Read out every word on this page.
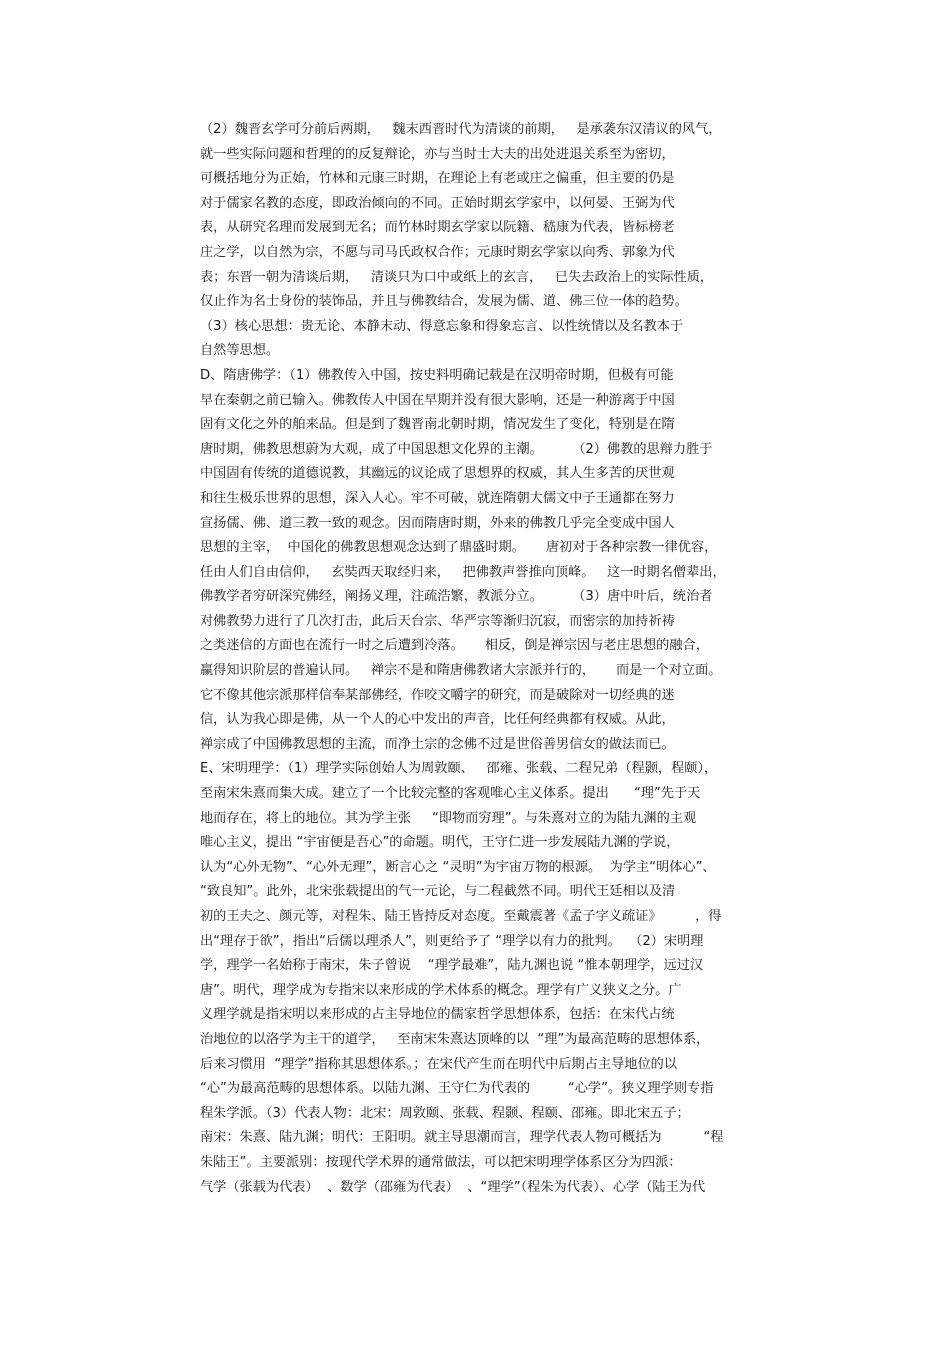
（2）魏晋玄学可分前后两期，   魏末西晋时代为清谈的前期，   是承袭东汉清议的风气，
就一些实际问题和哲理的的反复辩论，亦与当时士大夫的出处进退关系至为密切，
可概括地分为正始，竹林和元康三时期，在理论上有老或庄之偏重，但主要的仍是
对于儒家名教的态度，即政治倾向的不同。正始时期玄学家中，以何晏、王弼为代
表，从研究名理而发展到无名；而竹林时期玄学家以阮籍、嵇康为代表，皆标榜老
庄之学，以自然为宗，不愿与司马氏政权合作；元康时期玄学家以向秀、郭象为代
表；东晋一朝为清谈后期，   清谈只为口中或纸上的玄言，   已失去政治上的实际性质，
仅止作为名士身份的装饰品，并且与佛教结合，发展为儒、道、佛三位一体的趋势。
（3）核心思想：贵无论、本静末动、得意忘象和得象忘言、以性统情以及名教本于
自然等思想。
D、隋唐佛学：（1）佛教传入中国，按史料明确记载是在汉明帝时期，但极有可能
早在秦朝之前已输入。佛教传人中国在早期并没有很大影响，还是一种游离于中国
固有文化之外的舶来品。但是到了魏晋南北朝时期，情况发生了变化，特别是在隋
唐时期，佛教思想蔚为大观，成了中国思想文化界的主潮。       （2）佛教的思辩力胜于
中国固有传统的道德说教，其幽远的议论成了思想界的权威，其人生多苦的厌世观
和往生极乐世界的思想，深入人心。牢不可破，就连隋朝大儒文中子王通都在努力
宣扬儒、佛、道三教一致的观念。因而隋唐时期，外来的佛教几乎完全变成中国人
思想的主宰，  中国化的佛教思想观念达到了鼎盛时期。     唐初对于各种宗教一律优容，
任由人们自由信仰，   玄奘西天取经归来，   把佛教声誉推向顶峰。   这一时期名僧辈出，
佛教学者穷研深究佛经，阐扬义理，注疏浩繁，教派分立。       （3）唐中叶后，统治者
对佛教势力进行了几次打击，此后天台宗、华严宗等渐归沉寂，而密宗的加持祈祷
之类迷信的方面也在流行一时之后遭到冷落。     相反，倒是禅宗因与老庄思想的融合，
赢得知识阶层的普遍认同。   禅宗不是和隋唐佛教诸大宗派并行的，     而是一个对立面。
它不像其他宗派那样信奉某部佛经，作咬文嚼字的研究，而是破除对一切经典的迷
信，认为我心即是佛，从一个人的心中发出的声音，比任何经典都有权威。从此，
禅宗成了中国佛教思想的主流，而净土宗的念佛不过是世俗善男信女的做法而已。
E、宋明理学：（1）理学实际创始人为周敦颐、   邵雍、张载、二程兄弟（程颢，程颐），
至南宋朱熹而集大成。建立了一个比较完整的客观唯心主义体系。提出      “理”先于天
地而存在，将上的地位。其为学主张     “即物而穷理”。与朱熹对立的为陆九渊的主观
唯心主义，提出 “宇宙便是吾心”的命题。明代，王守仁进一步发展陆九渊的学说，
认为“心外无物”、“心外无理”，断言心之 “灵明”为宇宙万物的根源。  为学主“明体心”、
“致良知”。此外，北宋张载提出的气一元论，与二程截然不同。明代王廷相以及清
初的王夫之、颜元等，对程朱、陆王皆持反对态度。至戴震著《孟子字义疏证》        ，得
出“理存于欲”，指出“后儒以理杀人”，则更给予了 “理学以有力的批判。  （2）宋明理
学，理学一名始称于南宋，朱子曾说    “理学最难”，陆九渊也说 “惟本朝理学，远过汉
唐”。明代，理学成为专指宋以来形成的学术体系的概念。理学有广义狭义之分。广
义理学就是指宋明以来形成的占主导地位的儒家哲学思想体系，包括：在宋代占统
治地位的以洛学为主干的道学，   至南宋朱熹达顶峰的以  “理”为最高范畴的思想体系，
后来习惯用  “理学”指称其思想体系。；在宋代产生而在明代中后期占主导地位的以
“心”为最高范畴的思想体系。以陆九渊、王守仁为代表的         “心学”。狭义理学则专指
程朱学派。（3）代表人物：北宋：周敦颐、张载、程颢、程颐、邵雍。即北宋五子；
南宋：朱熹、陆九渊；明代：王阳明。就主导思潮而言，理学代表人物可概括为          “程
朱陆王”。主要派别：按现代学术界的通常做法，可以把宋明理学体系区分为四派：
气学（张载为代表）  、数学（邵雍为代表）  、“理学”（程朱为代表）、心学（陆王为代
